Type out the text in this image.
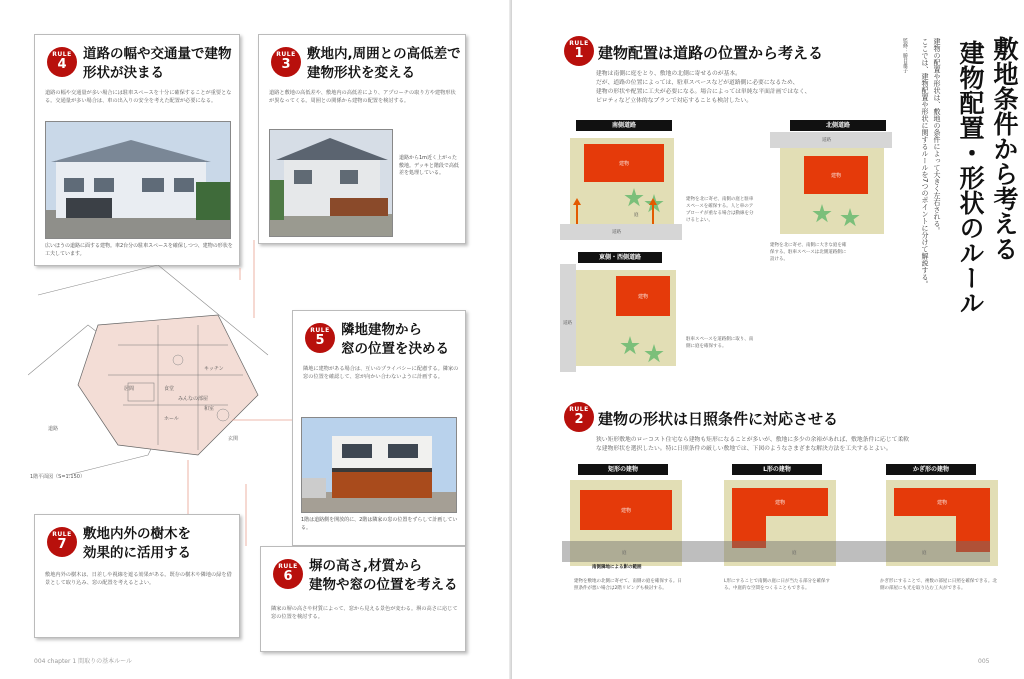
RULE
4
道路の幅や交通量で建物
形状が決まる
道路の幅や交通量が多い場合には駐車スペースを十分に確保することが重要となる。交通量が多い場合は、車の出入りの安全を考えた配置が必要になる。
広いほうの道路に面する建物。車2台分の駐車スペースを確保しつつ、建物の形状を工夫しています。
RULE
3
敷地内,周囲との高低差で
建物形状を変える
道路と敷地の高低差や、敷地内の高低差により、アプローチの取り方や建物形状が異なってくる。周囲との関係から建物の配置を検討する。
道路から1m近く上がった敷地。デッキと階段で高低差を処理している。
居間	食堂
キッチン
和室
ホール
玄関
みんなの部屋
道路
1階平面図（S=1:150）
RULE
5
隣地建物から
窓の位置を決める
隣地に建物がある場合は、互いのプライバシーに配慮する。隣家の窓の位置を確認して、窓が向かい合わないように計画する。
1階は道路側を開放的に、2階は隣家の窓の位置をずらして計画している。
RULE
7
敷地内外の樹木を
効果的に活用する
敷地内外の樹木は、日差しや視線を遮る効果がある。既存の樹木や隣地の緑を借景として取り込み、窓の配置を考えるとよい。
RULE
6
塀の高さ,材質から
建物や窓の位置を考える
隣家の塀の高さや材質によって、窓から見える景色が変わる。塀の高さに応じて窓の位置を検討する。
004 chapter 1 間取りの基本ルール
敷地条件から考える
建物配置・形状のルール
建物の配置や形状は、敷地の条件によって大きく左右される。
ここでは、建物配置や形状に関するルールを7つのポイントに分けて解説する。
監修：勝目雄子
RULE
1 建物配置は道路の位置から考える
建物は南側に庭をとり、敷地の北側に寄せるのが基本。
だが、道路の位置によっては、駐車スペースなどが道路側に必要になるため、
建物の形状や配置に工夫が必要になる。場合によっては単純な平面計画ではなく、
ピロティなど立体的なプランで対応することも検討したい。
南側道路
建物
道路
庭
建物を北に寄せ、南側の庭と駐車スペースを確保する。人と車のアプローチが重なる場合は動線を分けるとよい。
北側道路
建物
道路
建物を北に寄せ、南側に大きな庭を確保する。駐車スペースは北側道路側に設ける。
東側・西側道路
建物
道路
駐車スペースを道路側に取り、南側に庭を確保する。
RULE
2 建物の形状は日照条件に対応させる
狭い矩形敷地のローコスト住宅なら建物も矩形になることが多いが、敷地に多少の余裕があれば、敷地条件に応じて柔軟
な建物形状を選択したい。特に日照条件の厳しい敷地では、下図のようなさまざまな解決方法を工夫するとよい。
矩形の建物	L形の建物	かぎ形の建物
建物
建物	建物
庭	庭	庭
南側隣地による影の範囲
建物を敷地の北側に寄せて、南側の庭を確保する。日照条件が悪い場合は2階リビングも検討する。
L形にすることで南側の庭に日が当たる部分を確保する。中庭的な空間をつくることもできる。
かぎ形にすることで、複数の部屋に日照を確保できる。北側の部屋にも光を取り込む工夫ができる。
005
